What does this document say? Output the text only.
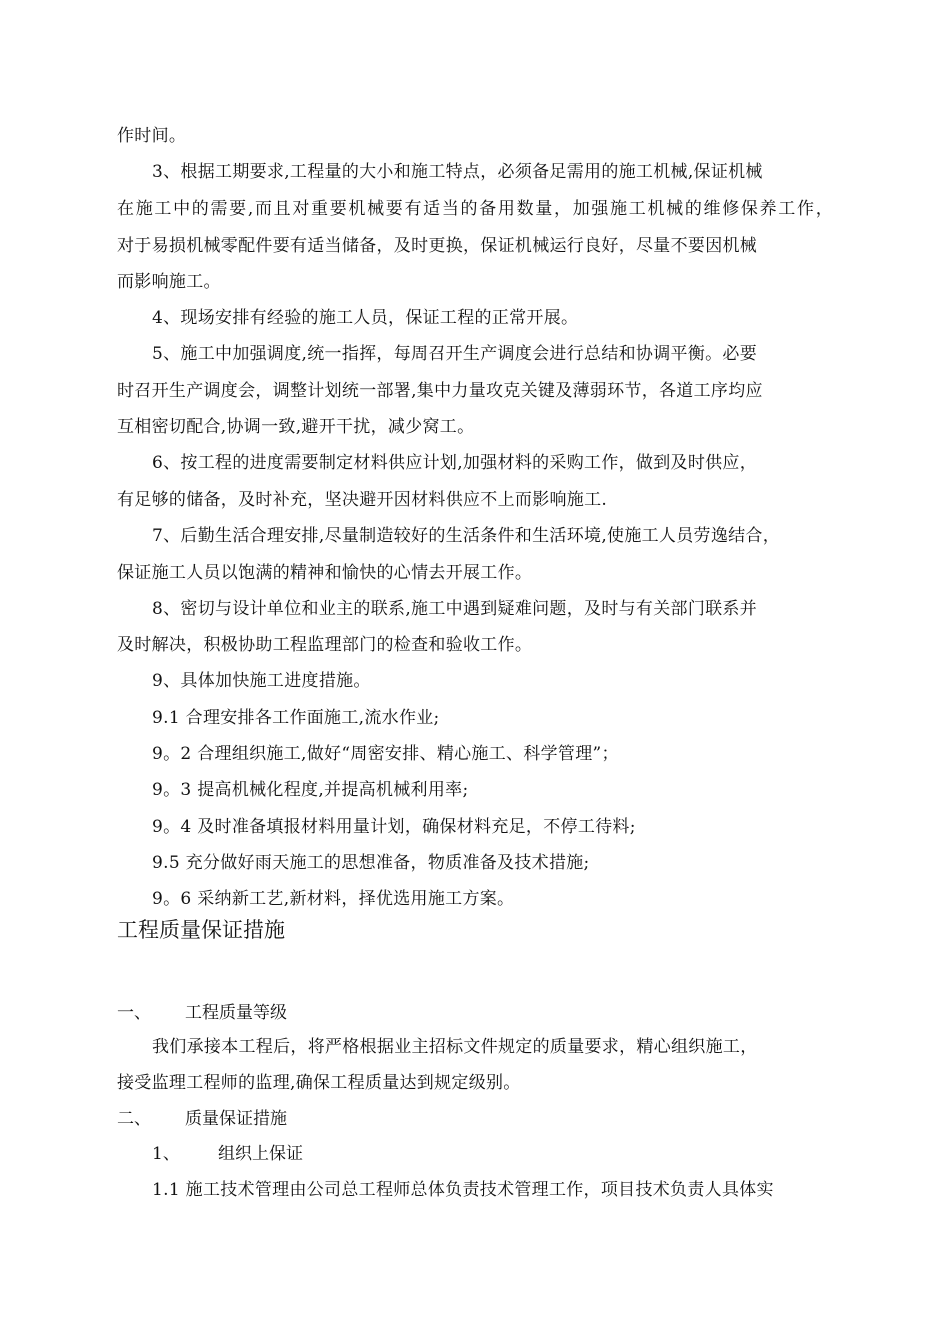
作时间。
3、根据工期要求,工程量的大小和施工特点，必须备足需用的施工机械,保证机械
在施工中的需要,而且对重要机械要有适当的备用数量，加强施工机械的维修保养工作，
对于易损机械零配件要有适当储备，及时更换，保证机械运行良好，尽量不要因机械
而影响施工。
4、现场安排有经验的施工人员，保证工程的正常开展。
5、施工中加强调度,统一指挥，每周召开生产调度会进行总结和协调平衡。必要
时召开生产调度会，调整计划统一部署,集中力量攻克关键及薄弱环节，各道工序均应
互相密切配合,协调一致,避开干扰，减少窝工。
6、按工程的进度需要制定材料供应计划,加强材料的采购工作，做到及时供应，
有足够的储备，及时补充，坚决避开因材料供应不上而影响施工.
7、后勤生活合理安排,尽量制造较好的生活条件和生活环境,使施工人员劳逸结合，
保证施工人员以饱满的精神和愉快的心情去开展工作。
8、密切与设计单位和业主的联系,施工中遇到疑难问题，及时与有关部门联系并
及时解决，积极协助工程监理部门的检查和验收工作。
9、具体加快施工进度措施。
9.1 合理安排各工作面施工,流水作业;
9。2 合理组织施工,做好“周密安排、精心施工、科学管理”；
9。3 提高机械化程度,并提高机械利用率;
9。4 及时准备填报材料用量计划，确保材料充足，不停工待料;
9.5 充分做好雨天施工的思想准备，物质准备及技术措施;
9。6 采纳新工艺,新材料，择优选用施工方案。
工程质量保证措施
一、 工程质量等级
我们承接本工程后，将严格根据业主招标文件规定的质量要求，精心组织施工，
接受监理工程师的监理,确保工程质量达到规定级别。
二、 质量保证措施
1、 组织上保证
1.1 施工技术管理由公司总工程师总体负责技术管理工作，项目技术负责人具体实
